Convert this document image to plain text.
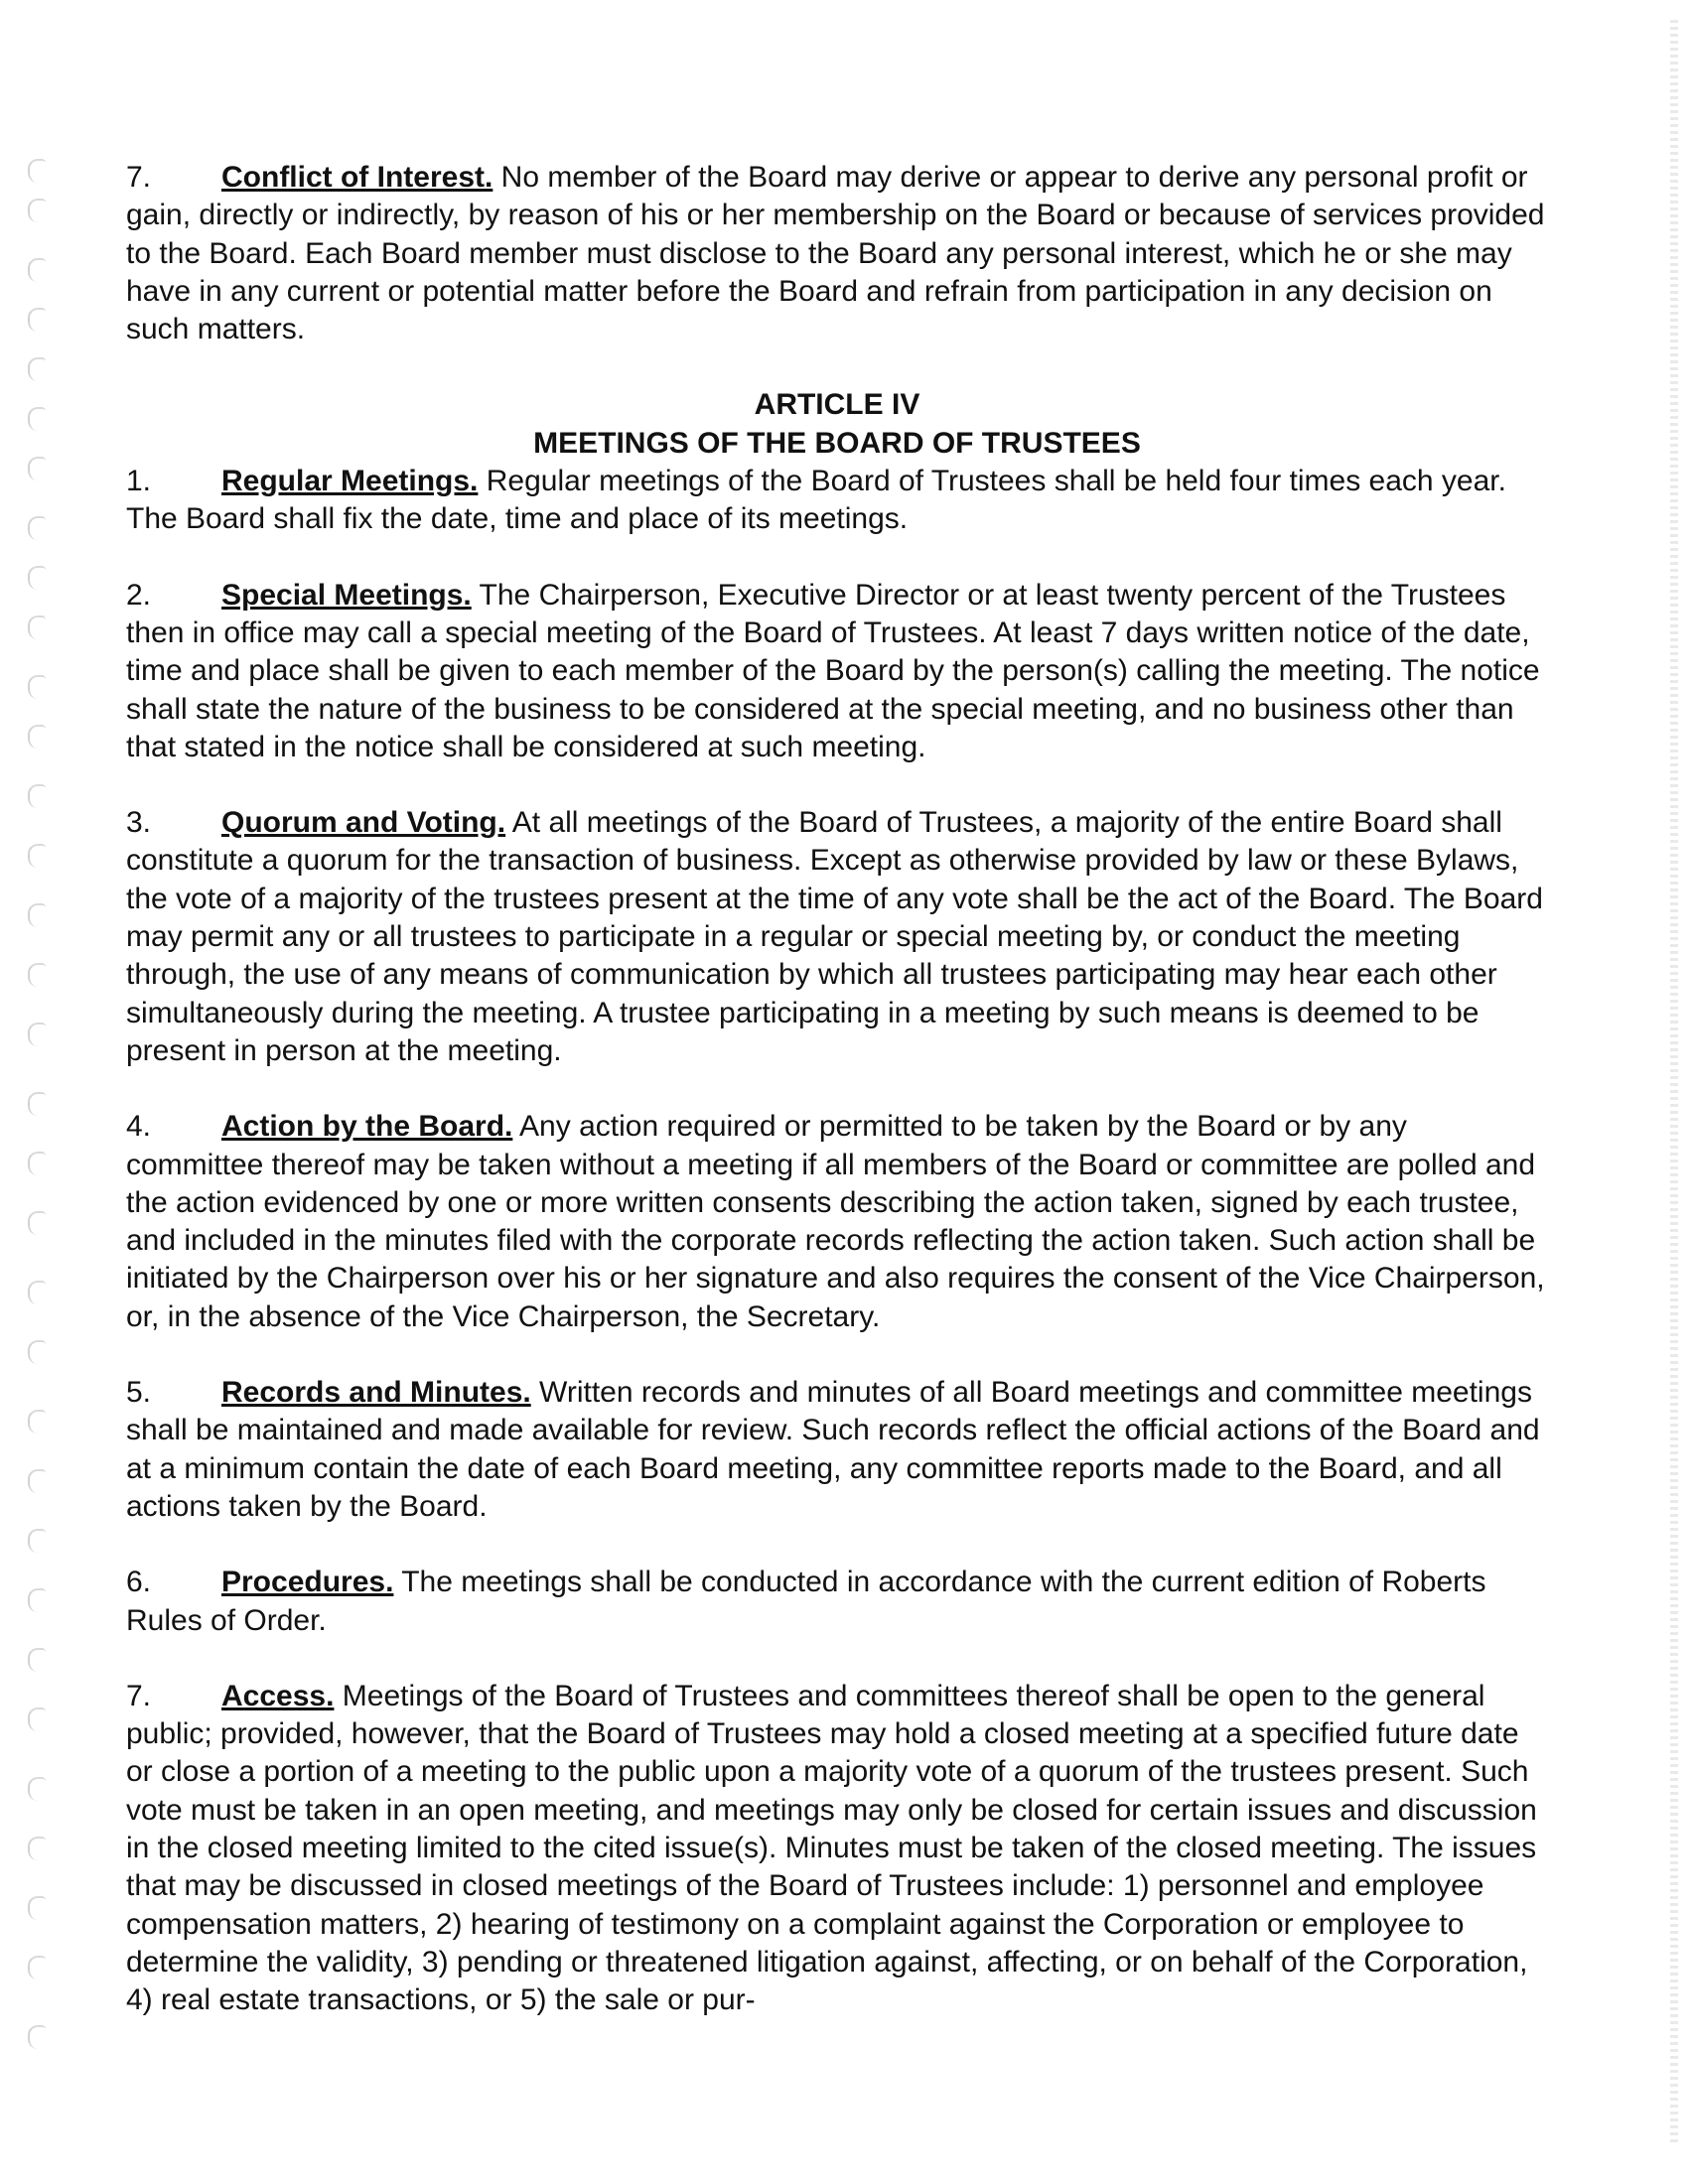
7. Conflict of Interest. No member of the Board may derive or appear to derive any personal profit or gain, directly or indirectly, by reason of his or her membership on the Board or because of services provided to the Board. Each Board member must disclose to the Board any personal interest, which he or she may have in any current or potential matter before the Board and refrain from participation in any decision on such matters.

ARTICLE IV

MEETINGS OF THE BOARD OF TRUSTEES

1. Regular Meetings. Regular meetings of the Board of Trustees shall be held four times each year. The Board shall fix the date, time and place of its meetings.

2. Special Meetings. The Chairperson, Executive Director or at least twenty percent of the Trustees then in office may call a special meeting of the Board of Trustees. At least 7 days written notice of the date, time and place shall be given to each member of the Board by the person(s) calling the meeting. The notice shall state the nature of the business to be considered at the special meeting, and no business other than that stated in the notice shall be considered at such meeting.

3. Quorum and Voting. At all meetings of the Board of Trustees, a majority of the entire Board shall constitute a quorum for the transaction of business. Except as otherwise provided by law or these Bylaws, the vote of a majority of the trustees present at the time of any vote shall be the act of the Board. The Board may permit any or all trustees to participate in a regular or special meeting by, or conduct the meeting through, the use of any means of communication by which all trustees participating may hear each other simultaneously during the meeting. A trustee participating in a meeting by such means is deemed to be present in person at the meeting.

4. Action by the Board. Any action required or permitted to be taken by the Board or by any committee thereof may be taken without a meeting if all members of the Board or committee are polled and the action evidenced by one or more written consents describing the action taken, signed by each trustee, and included in the minutes filed with the corporate records reflecting the action taken. Such action shall be initiated by the Chairperson over his or her signature and also requires the consent of the Vice Chairperson, or, in the absence of the Vice Chairperson, the Secretary.

5. Records and Minutes. Written records and minutes of all Board meetings and committee meetings shall be maintained and made available for review. Such records reflect the official actions of the Board and at a minimum contain the date of each Board meeting, any committee reports made to the Board, and all actions taken by the Board.

6. Procedures. The meetings shall be conducted in accordance with the current edition of Roberts Rules of Order.

7. Access. Meetings of the Board of Trustees and committees thereof shall be open to the general public; provided, however, that the Board of Trustees may hold a closed meeting at a specified future date or close a portion of a meeting to the public upon a majority vote of a quorum of the trustees present. Such vote must be taken in an open meeting, and meetings may only be closed for certain issues and discussion in the closed meeting limited to the cited issue(s). Minutes must be taken of the closed meeting. The issues that may be discussed in closed meetings of the Board of Trustees include: 1) personnel and employee compensation matters, 2) hearing of testimony on a complaint against the Corporation or employee to determine the validity, 3) pending or threatened litigation against, affecting, or on behalf of the Corporation, 4) real estate transactions, or 5) the sale or pur-
